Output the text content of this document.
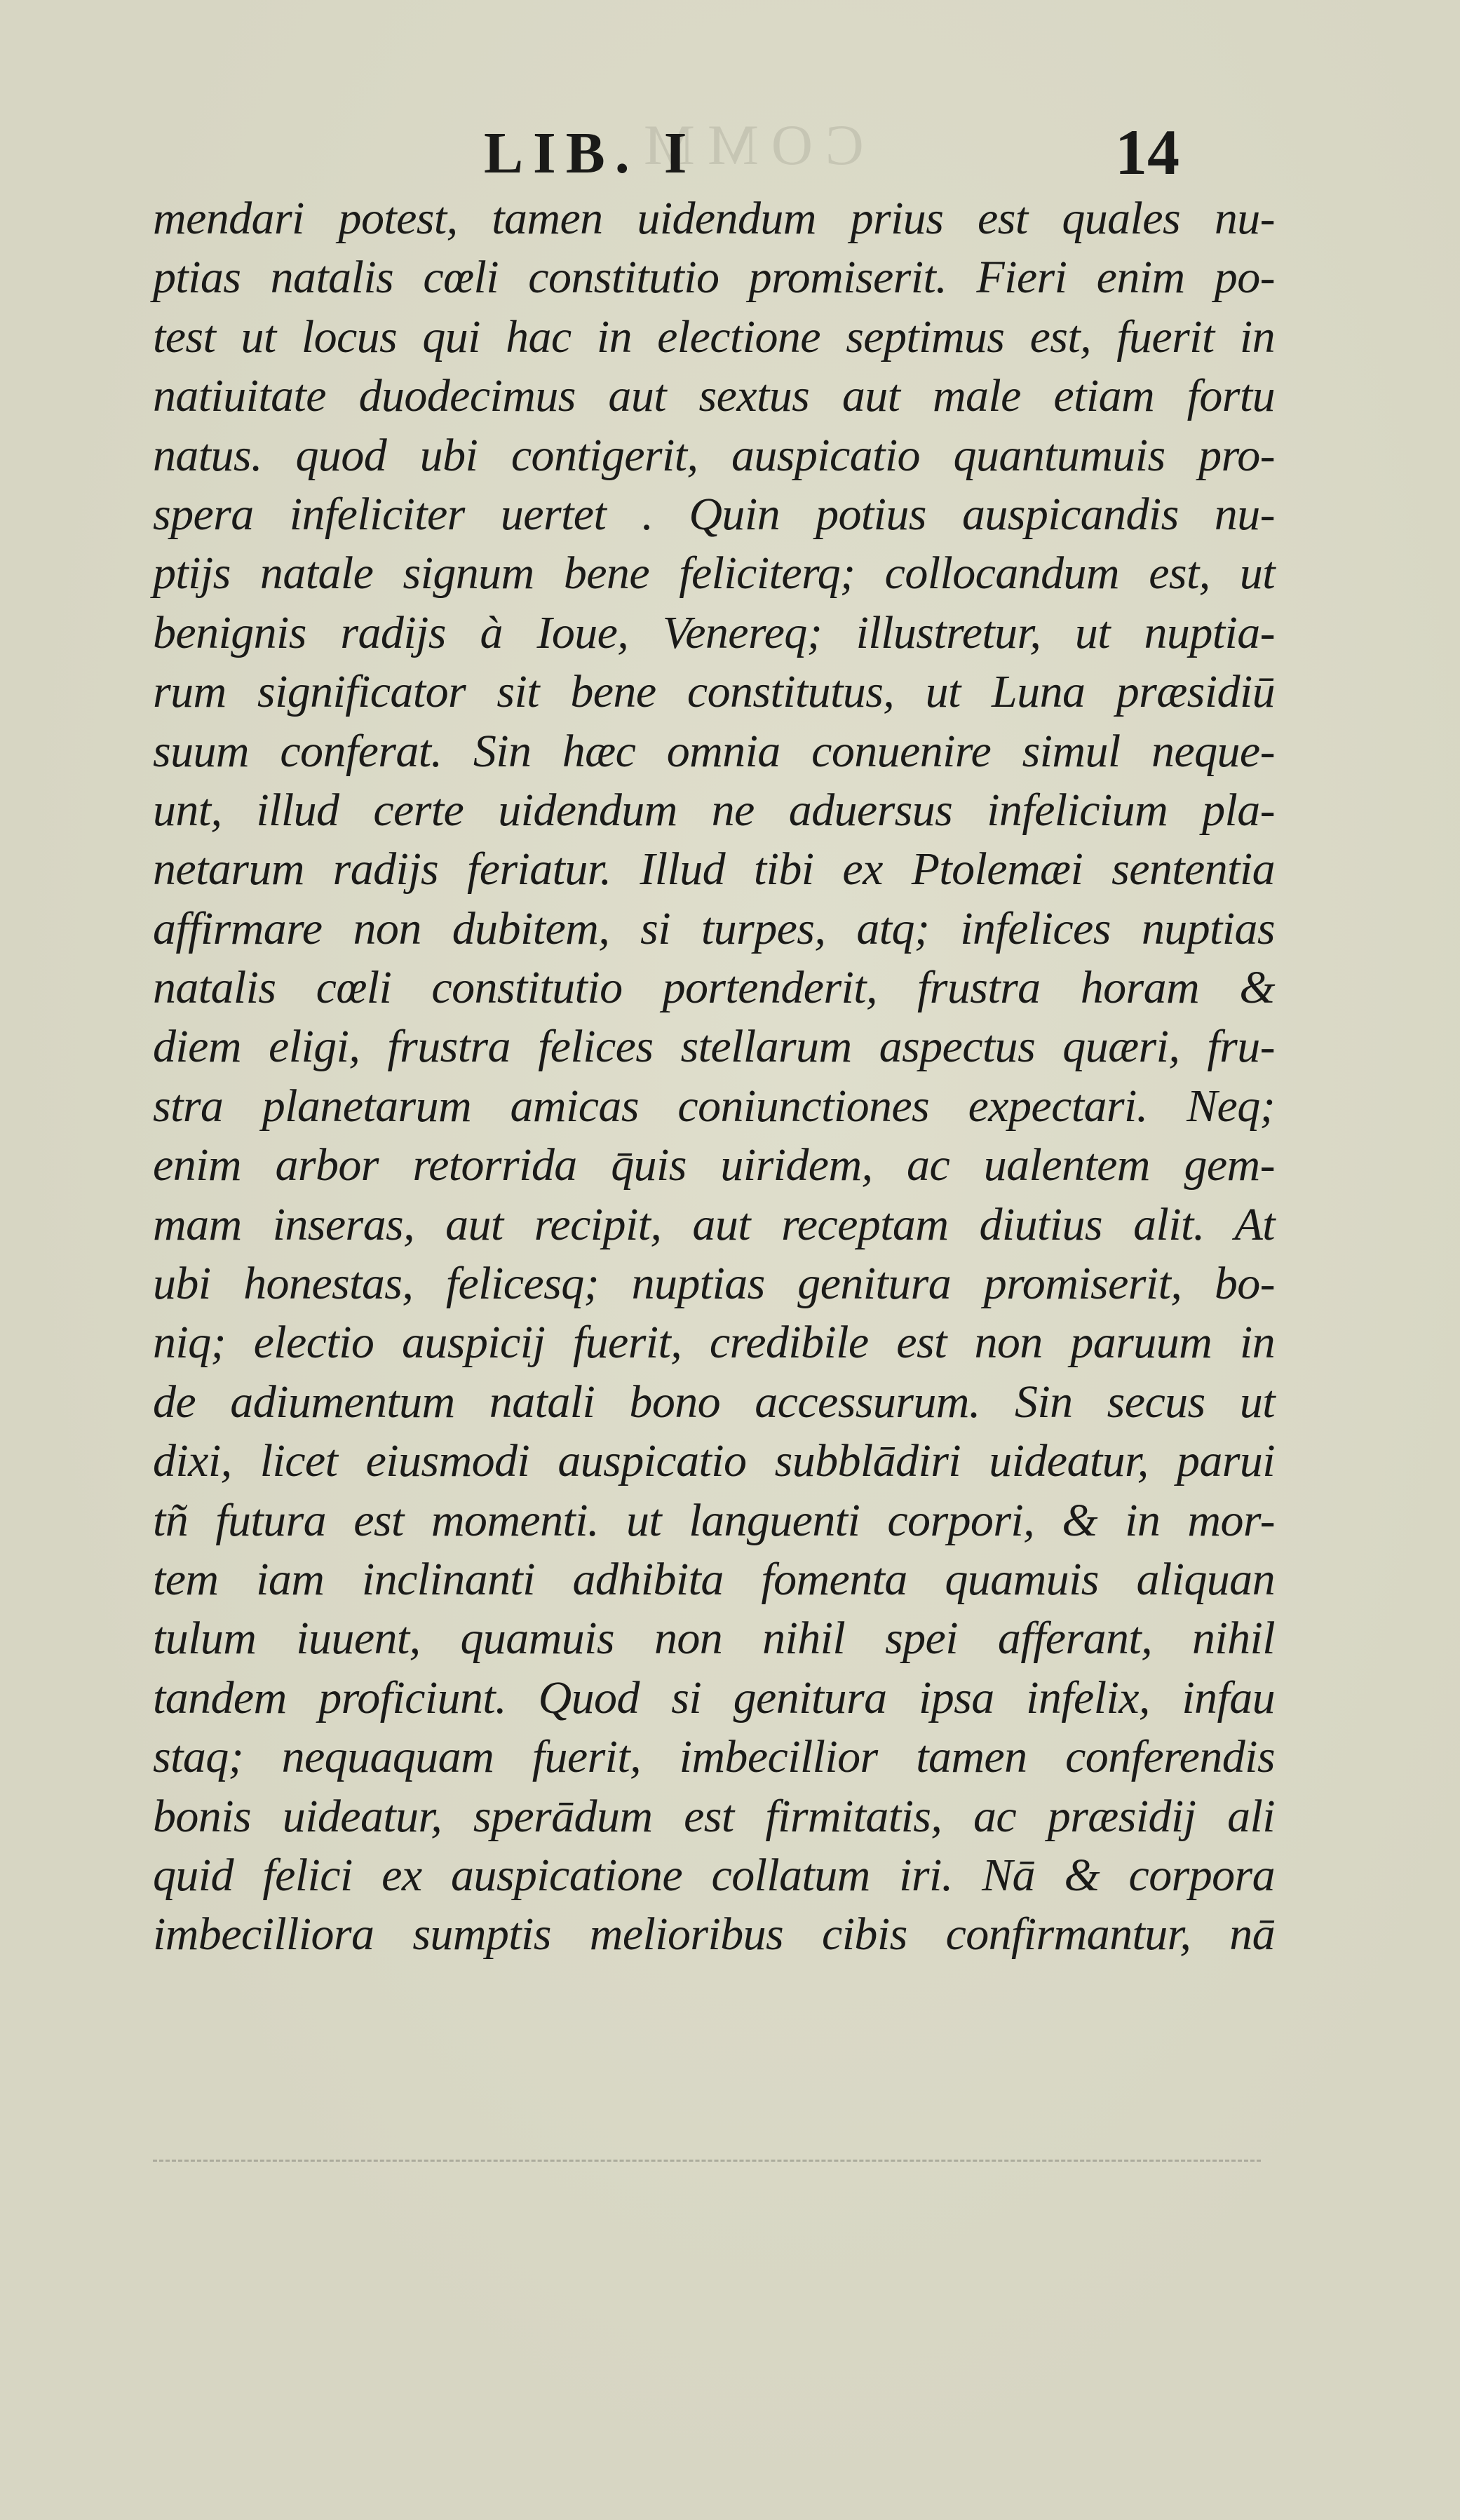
COMM
LIB. I	14
mendari potest, tamen uidendum prius est quales nu-
ptias natalis cœli constitutio promiserit. Fieri enim po-
test ut locus qui hac in electione septimus est, fuerit in
natiuitate duodecimus aut sextus aut male etiam fortu
natus. quod ubi contigerit, auspicatio quantumuis pro-
spera infeliciter uertet . Quin potius auspicandis nu-
ptijs natale signum bene feliciterq; collocandum est, ut
benignis radijs à Ioue, Venereq; illustretur, ut nuptia-
rum significator sit bene constitutus, ut Luna præsidiū
suum conferat. Sin hæc omnia conuenire simul neque-
unt, illud certe uidendum ne aduersus infelicium pla-
netarum radijs feriatur. Illud tibi ex Ptolemæi sententia
affirmare non dubitem, si turpes, atq; infelices nuptias
natalis cœli constitutio portenderit, frustra horam &
diem eligi, frustra felices stellarum aspectus quæri, fru-
stra planetarum amicas coniunctiones expectari. Neq;
enim arbor retorrida q̄uis uiridem, ac ualentem gem-
mam inseras, aut recipit, aut receptam diutius alit. At
ubi honestas, felicesq; nuptias genitura promiserit, bo-
niq; electio auspicij fuerit, credibile est non paruum in
de adiumentum natali bono accessurum. Sin secus ut
dixi, licet eiusmodi auspicatio subblādiri uideatur, parui
tñ futura est momenti. ut languenti corpori, & in mor-
tem iam inclinanti adhibita fomenta quamuis aliquan
tulum iuuent, quamuis non nihil spei afferant, nihil
tandem proficiunt. Quod si genitura ipsa infelix, infau
staq; nequaquam fuerit, imbecillior tamen conferendis
bonis uideatur, sperādum est firmitatis, ac præsidij ali
quid felici ex auspicatione collatum iri. Nā & corpora
imbecilliora sumptis melioribus cibis confirmantur, nā
